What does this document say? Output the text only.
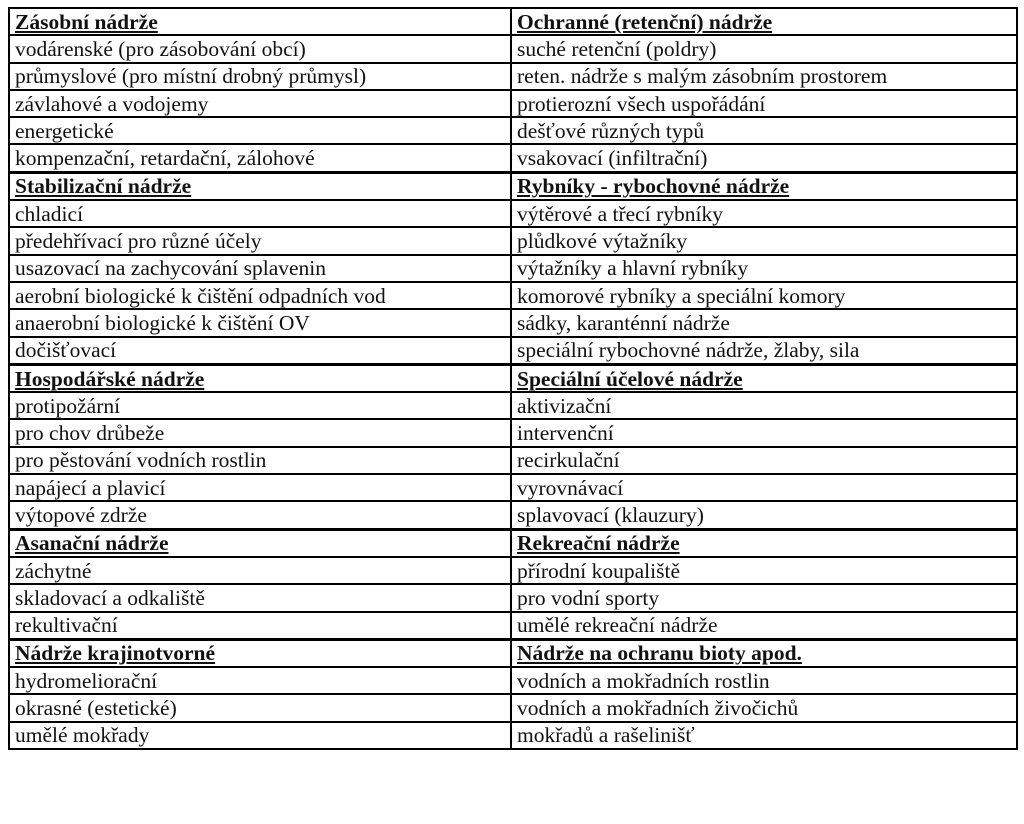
Zásobní nádrže	Ochranné (retenční) nádrže
vodárenské (pro zásobování obcí)	suché retenční (poldry)
průmyslové (pro místní drobný průmysl)	reten. nádrže s malým zásobním prostorem
závlahové a vodojemy	protierozní všech uspořádání
energetické	dešťové různých typů
kompenzační, retardační, zálohové	vsakovací (infiltrační)
Stabilizační nádrže	Rybníky - rybochovné nádrže
chladicí	výtěrové a třecí rybníky
předehřívací pro různé účely	plůdkové výtažníky
usazovací na zachycování splavenin	výtažníky a hlavní rybníky
aerobní biologické k čištění odpadních vod	komorové rybníky a speciální komory
anaerobní biologické k čištění OV	sádky, karanténní nádrže
dočišťovací	speciální rybochovné nádrže, žlaby, sila
Hospodářské nádrže	Speciální účelové nádrže
protipožární	aktivizační
pro chov drůbeže	intervenční
pro pěstování vodních rostlin	recirkulační
napájecí a plavicí	vyrovnávací
výtopové zdrže	splavovací (klauzury)
Asanační nádrže	Rekreační nádrže
záchytné	přírodní koupaliště
skladovací a odkaliště	pro vodní sporty
rekultivační	umělé rekreační nádrže
Nádrže krajinotvorné	Nádrže na ochranu bioty apod.
hydromeliorační	vodních a mokřadních rostlin
okrasné (estetické)	vodních a mokřadních živočichů
umělé mokřady	mokřadů a rašelinišť
